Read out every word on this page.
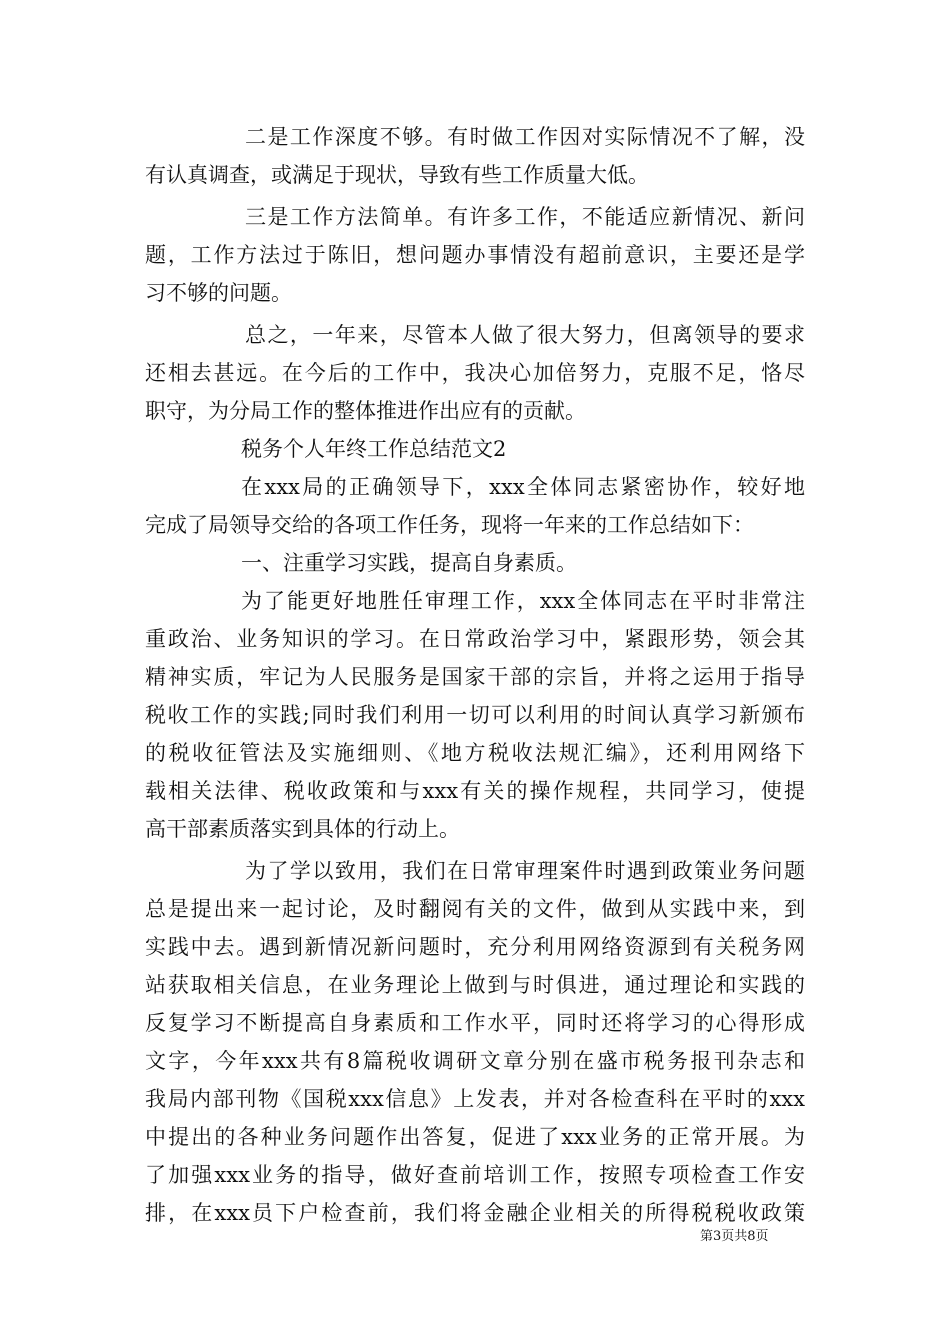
二是工作深度不够。有时做工作因对实际情况不了解，没
有认真调查，或满足于现状，导致有些工作质量大低。
三是工作方法简单。有许多工作，不能适应新情况、新问
题，工作方法过于陈旧，想问题办事情没有超前意识，主要还是学
习不够的问题。
总之，一年来，尽管本人做了很大努力，但离领导的要求
还相去甚远。在今后的工作中，我决心加倍努力，克服不足，恪尽
职守，为分局工作的整体推进作出应有的贡献。
税务个人年终工作总结范文2
在xxx局的正确领导下，xxx全体同志紧密协作，较好地
完成了局领导交给的各项工作任务，现将一年来的工作总结如下：
一、注重学习实践，提高自身素质。
为了能更好地胜任审理工作，xxx全体同志在平时非常注
重政治、业务知识的学习。在日常政治学习中，紧跟形势，领会其
精神实质，牢记为人民服务是国家干部的宗旨，并将之运用于指导
税收工作的实践;同时我们利用一切可以利用的时间认真学习新颁布
的税收征管法及实施细则、《地方税收法规汇编》，还利用网络下
载相关法律、税收政策和与xxx有关的操作规程，共同学习，使提
高干部素质落实到具体的行动上。
为了学以致用，我们在日常审理案件时遇到政策业务问题
总是提出来一起讨论，及时翻阅有关的文件，做到从实践中来，到
实践中去。遇到新情况新问题时，充分利用网络资源到有关税务网
站获取相关信息，在业务理论上做到与时俱进，通过理论和实践的
反复学习不断提高自身素质和工作水平，同时还将学习的心得形成
文字，今年xxx共有8篇税收调研文章分别在盛市税务报刊杂志和
我局内部刊物《国税xxx信息》上发表，并对各检查科在平时的xxx
中提出的各种业务问题作出答复，促进了xxx业务的正常开展。为
了加强xxx业务的指导，做好查前培训工作，按照专项检查工作安
排，在xxx员下户检查前，我们将金融企业相关的所得税税收政策
第3页共8页
